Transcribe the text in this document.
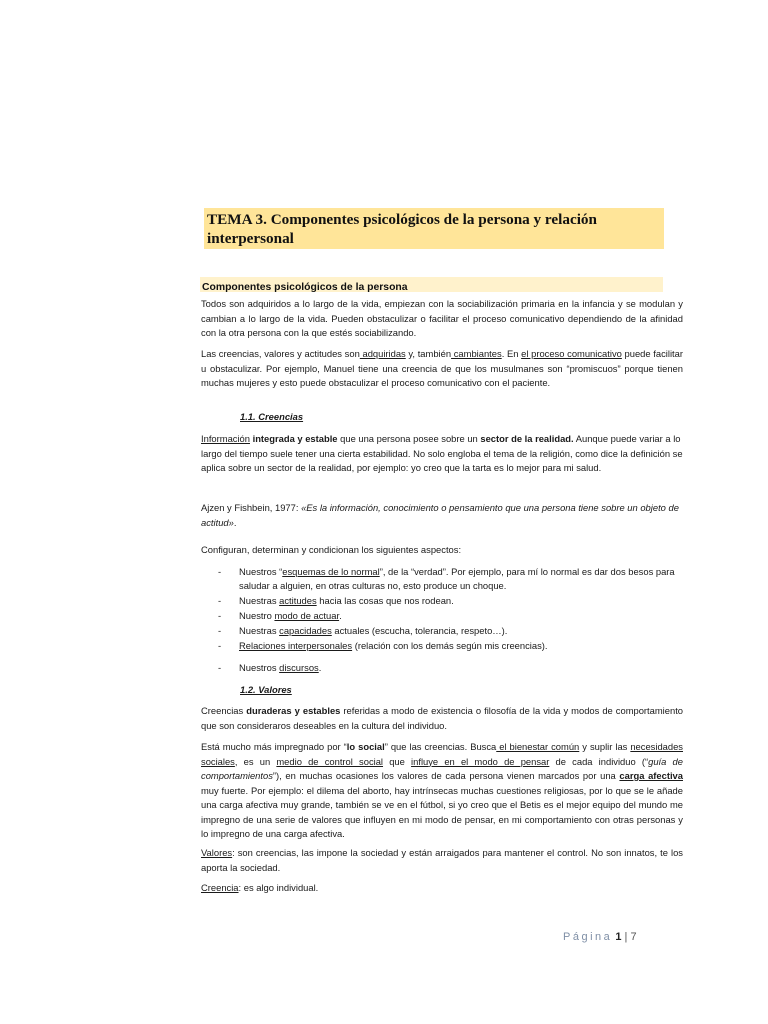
TEMA 3. Componentes psicológicos de la persona y relación interpersonal
Componentes psicológicos de la persona

Todos son adquiridos a lo largo de la vida, empiezan con la sociabilización primaria en la infancia y se modulan y cambian a lo largo de la vida. Pueden obstaculizar o facilitar el proceso comunicativo dependiendo de la afinidad con la otra persona con la que estés sociabilizando.

Las creencias, valores y actitudes son adquiridas y, también cambiantes. En el proceso comunicativo puede facilitar u obstaculizar. Por ejemplo, Manuel tiene una creencia de que los musulmanes son “promiscuos” porque tienen muchas mujeres y esto puede obstaculizar el proceso comunicativo con el paciente.

1.1. Creencias

Información integrada y estable que una persona posee sobre un sector de la realidad. Aunque puede variar a lo largo del tiempo suele tener una cierta estabilidad. No solo engloba el tema de la religión, como dice la definición se aplica sobre un sector de la realidad, por ejemplo: yo creo que la tarta es lo mejor para mi salud.

Ajzen y Fishbein, 1977: «Es la información, conocimiento o pensamiento que una persona tiene sobre un objeto de actitud».

Configuran, determinan y condicionan los siguientes aspectos:

- Nuestros “esquemas de lo normal”, de la “verdad”. Por ejemplo, para mí lo normal es dar dos besos para saludar a alguien, en otras culturas no, esto produce un choque.
- Nuestras actitudes hacia las cosas que nos rodean.
- Nuestro modo de actuar.
- Nuestras capacidades actuales (escucha, tolerancia, respeto…).
- Relaciones interpersonales (relación con los demás según mis creencias).
- Nuestros discursos.
1.2. Valores

Creencias duraderas y estables referidas a modo de existencia o filosofía de la vida y modos de comportamiento que son consideraros deseables en la cultura del individuo.

Está mucho más impregnado por “lo social” que las creencias. Busca el bienestar común y suplir las necesidades sociales, es un medio de control social que influye en el modo de pensar de cada individuo (“guía de comportamientos”), en muchas ocasiones los valores de cada persona vienen marcados por una carga afectiva muy fuerte. Por ejemplo: el dilema del aborto, hay intrínsecas muchas cuestiones religiosas, por lo que se le añade una carga afectiva muy grande, también se ve en el fútbol, si yo creo que el Betis es el mejor equipo del mundo me impregno de una serie de valores que influyen en mi modo de pensar, en mi comportamiento con otras personas y lo impregno de una carga afectiva.

Valores: son creencias, las impone la sociedad y están arraigados para mantener el control. No son innatos, te los aporta la sociedad.

Creencia: es algo individual.

Página 1 | 7
